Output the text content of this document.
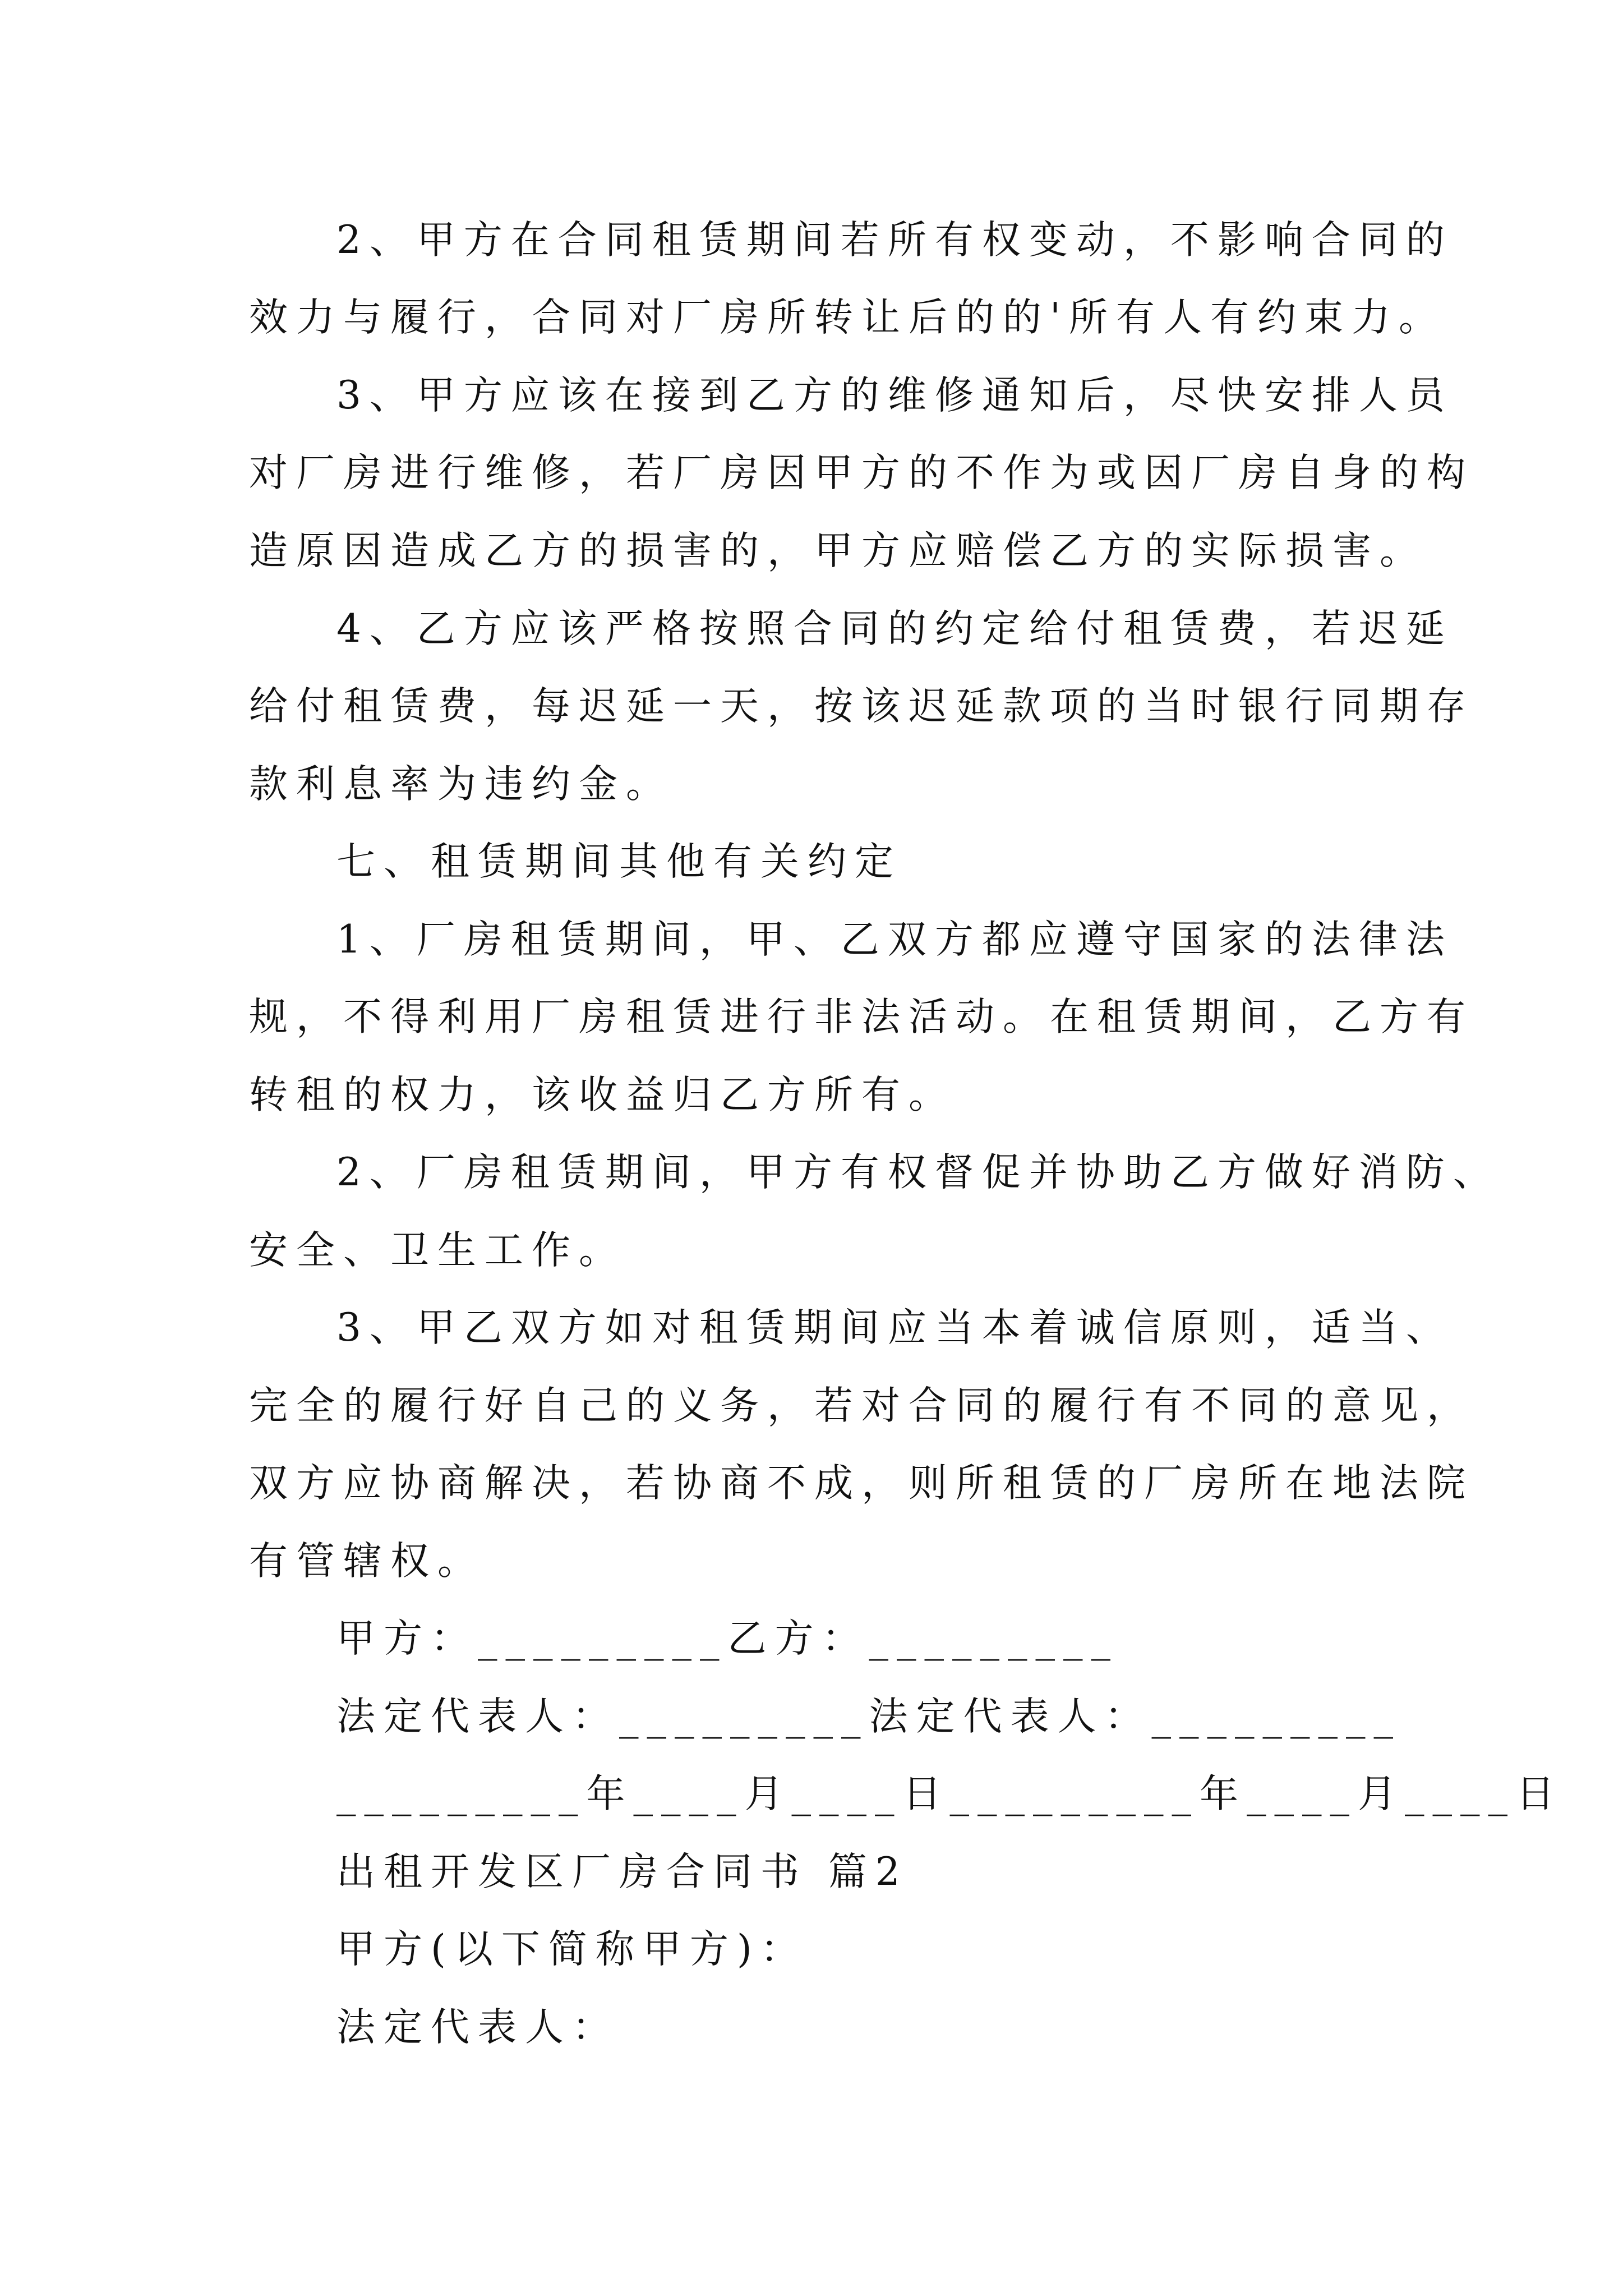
2、甲方在合同租赁期间若所有权变动，不影响合同的
效力与履行，合同对厂房所转让后的的'所有人有约束力。
3、甲方应该在接到乙方的维修通知后，尽快安排人员
对厂房进行维修，若厂房因甲方的不作为或因厂房自身的构
造原因造成乙方的损害的，甲方应赔偿乙方的实际损害。
4、乙方应该严格按照合同的约定给付租赁费，若迟延
给付租赁费，每迟延一天，按该迟延款项的当时银行同期存
款利息率为违约金。
七、租赁期间其他有关约定
1、厂房租赁期间，甲、乙双方都应遵守国家的法律法
规，不得利用厂房租赁进行非法活动。在租赁期间，乙方有
转租的权力，该收益归乙方所有。
2、厂房租赁期间，甲方有权督促并协助乙方做好消防、
安全、卫生工作。
3、甲乙双方如对租赁期间应当本着诚信原则，适当、
完全的履行好自己的义务，若对合同的履行有不同的意见，
双方应协商解决，若协商不成，则所租赁的厂房所在地法院
有管辖权。
甲方：_________乙方：_________
法定代表人：_________法定代表人：_________
_________年____月____日_________年____月____日
出租开发区厂房合同书 篇2
甲方(以下简称甲方)：
法定代表人：
